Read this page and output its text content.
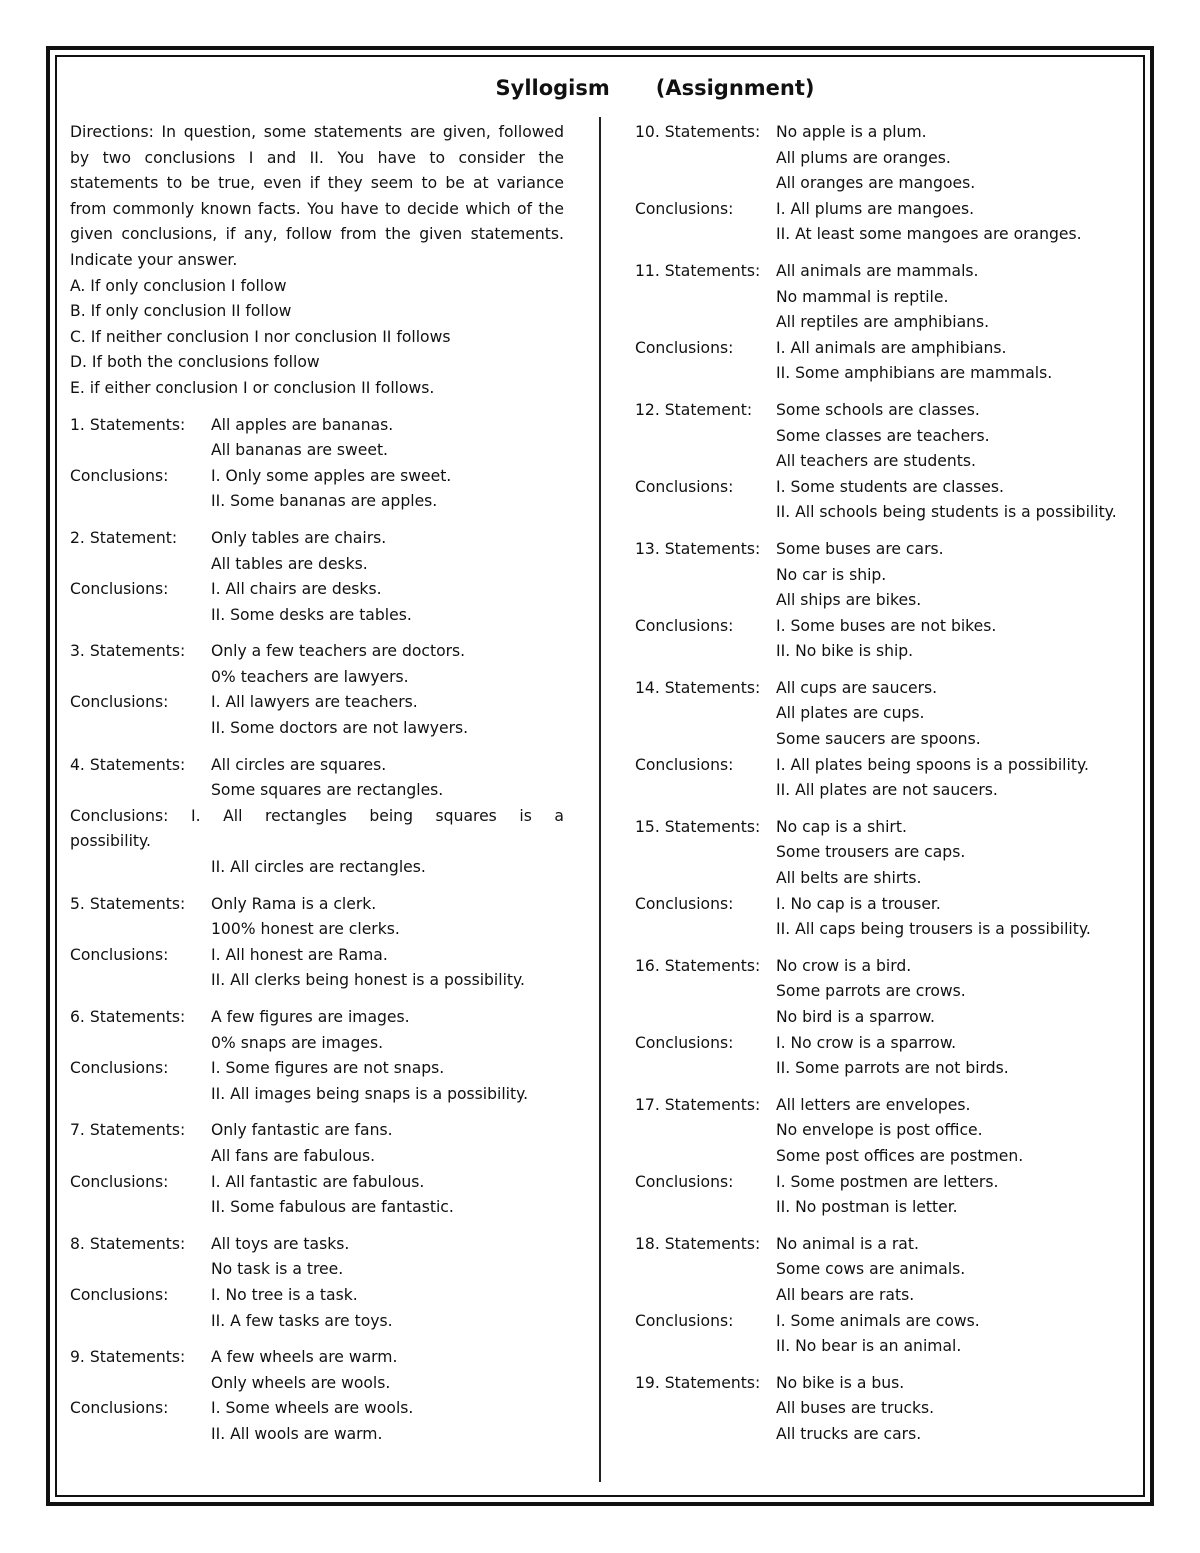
Syllogism (Assignment)

Directions: In question, some statements are given, followed by two conclusions I and II. You have to consider the statements to be true, even if they seem to be at variance from commonly known facts. You have to decide which of the given conclusions, if any, follow from the given statements. Indicate your answer.

A. If only conclusion I follow
B. If only conclusion II follow
C. If neither conclusion I nor conclusion II follows
D. If both the conclusions follow
E. if either conclusion I or conclusion II follows.
1. Statements:	All apples are bananas.
All bananas are sweet.
Conclusions:	I. Only some apples are sweet.
II. Some bananas are apples.
2. Statement:	Only tables are chairs.
All tables are desks.
Conclusions:	I. All chairs are desks.
II. Some desks are tables.
3. Statements:	Only a few teachers are doctors.
0% teachers are lawyers.
Conclusions:	I. All lawyers are teachers.
II. Some doctors are not lawyers.
4. Statements:	All circles are squares.
Some squares are rectangles.
Conclusions: I. All rectangles being squares is a
possibility.
II. All circles are rectangles.
5. Statements:	Only Rama is a clerk.
100% honest are clerks.
Conclusions:	I. All honest are Rama.
II. All clerks being honest is a possibility.
6. Statements:	A few figures are images.
0% snaps are images.
Conclusions:	I. Some figures are not snaps.
II. All images being snaps is a possibility.
7. Statements:	Only fantastic are fans.
All fans are fabulous.
Conclusions:	I. All fantastic are fabulous.
II. Some fabulous are fantastic.
8. Statements:	All toys are tasks.
No task is a tree.
Conclusions:	I. No tree is a task.
II. A few tasks are toys.
9. Statements:	A few wheels are warm.
Only wheels are wools.
Conclusions:	I. Some wheels are wools.
II. All wools are warm.
10. Statements:	No apple is a plum.
All plums are oranges.
All oranges are mangoes.
Conclusions:	I. All plums are mangoes.
II. At least some mangoes are oranges.
11. Statements:	All animals are mammals.
No mammal is reptile.
All reptiles are amphibians.
Conclusions:	I. All animals are amphibians.
II. Some amphibians are mammals.
12. Statement:	Some schools are classes.
Some classes are teachers.
All teachers are students.
Conclusions:	I. Some students are classes.
II. All schools being students is a possibility.
13. Statements:	Some buses are cars.
No car is ship.
All ships are bikes.
Conclusions:	I. Some buses are not bikes.
II. No bike is ship.
14. Statements:	All cups are saucers.
All plates are cups.
Some saucers are spoons.
Conclusions:	I. All plates being spoons is a possibility.
II. All plates are not saucers.
15. Statements:	No cap is a shirt.
Some trousers are caps.
All belts are shirts.
Conclusions:	I. No cap is a trouser.
II. All caps being trousers is a possibility.
16. Statements:	No crow is a bird.
Some parrots are crows.
No bird is a sparrow.
Conclusions:	I. No crow is a sparrow.
II. Some parrots are not birds.
17. Statements:	All letters are envelopes.
No envelope is post office.
Some post offices are postmen.
Conclusions:	I. Some postmen are letters.
II. No postman is letter.
18. Statements:	No animal is a rat.
Some cows are animals.
All bears are rats.
Conclusions:	I. Some animals are cows.
II. No bear is an animal.
19. Statements:	No bike is a bus.
All buses are trucks.
All trucks are cars.
